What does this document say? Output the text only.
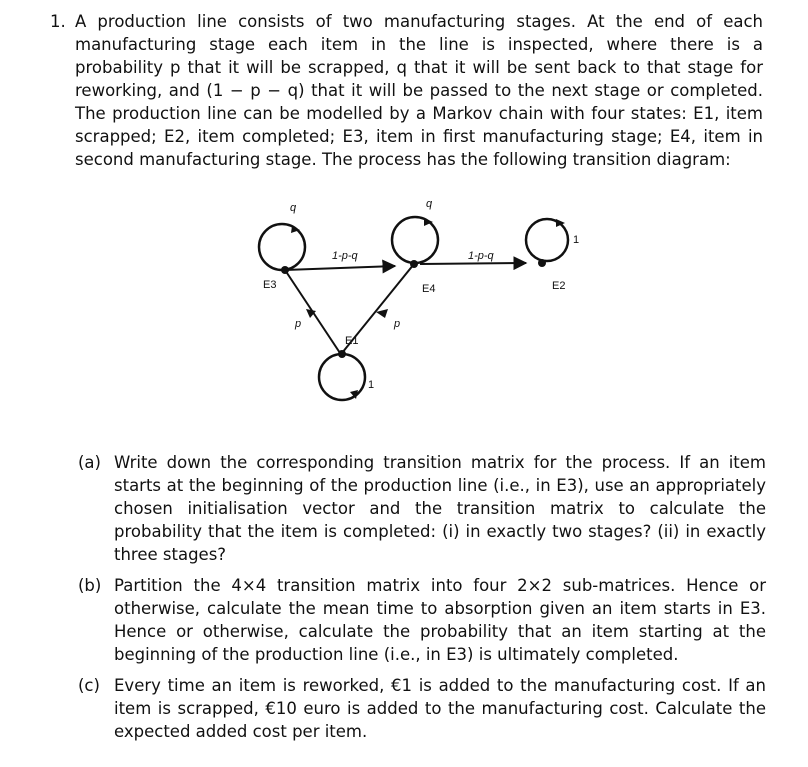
1. A production line consists of two manufacturing stages. At the end of each manufacturing stage each item in the line is inspected, where there is a probability p that it will be scrapped, q that it will be sent back to that stage for reworking, and (1 − p − q) that it will be passed to the next stage or completed. The production line can be modelled by a Markov chain with four states: E1, item scrapped; E2, item completed; E3, item in first manufacturing stage; E4, item in second manufacturing stage. The process has the following transition diagram:
q	q
1
1
1-p-q	1-p-q
p	p
E3	E4	E2
E1
(a) Write down the corresponding transition matrix for the process. If an item starts at the beginning of the production line (i.e., in E3), use an appropriately chosen initialisation vector and the transition matrix to calculate the probability that the item is completed: (i) in exactly two stages? (ii) in exactly three stages?
(b) Partition the 4×4 transition matrix into four 2×2 sub-matrices. Hence or otherwise, calculate the mean time to absorption given an item starts in E3. Hence or otherwise, calculate the probability that an item starting at the beginning of the production line (i.e., in E3) is ultimately completed.
(c) Every time an item is reworked, €1 is added to the manufacturing cost. If an item is scrapped, €10 euro is added to the manufacturing cost. Calculate the expected added cost per item.
